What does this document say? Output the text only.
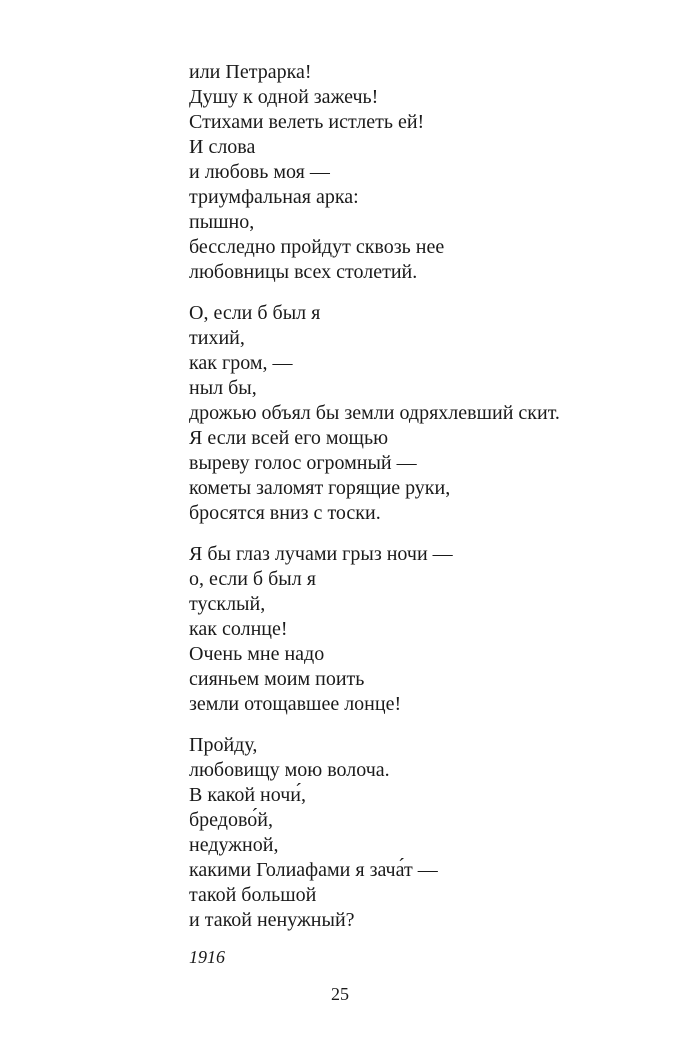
или Петрарка!
Душу к одной зажечь!
Стихами велеть истлеть ей!
И слова
и любовь моя —
триумфальная арка:
пышно,
бесследно пройдут сквозь нее
любовницы всех столетий.
О, если б был я
тихий,
как гром, —
ныл бы,
дрожью объял бы земли одряхлевший скит.
Я если всей его мощью
выреву голос огромный —
кометы заломят горящие руки,
бросятся вниз с тоски.
Я бы глаз лучами грыз ночи —
о, если б был я
тусклый,
как солнце!
Очень мне надо
сияньем моим поить
земли отощавшее лонце!
Пройду,
любовищу мою волоча.
В какой ночи́,
бредово́й,
недужной,
какими Голиафами я зача́т —
такой большой
и такой ненужный?
1916
25
